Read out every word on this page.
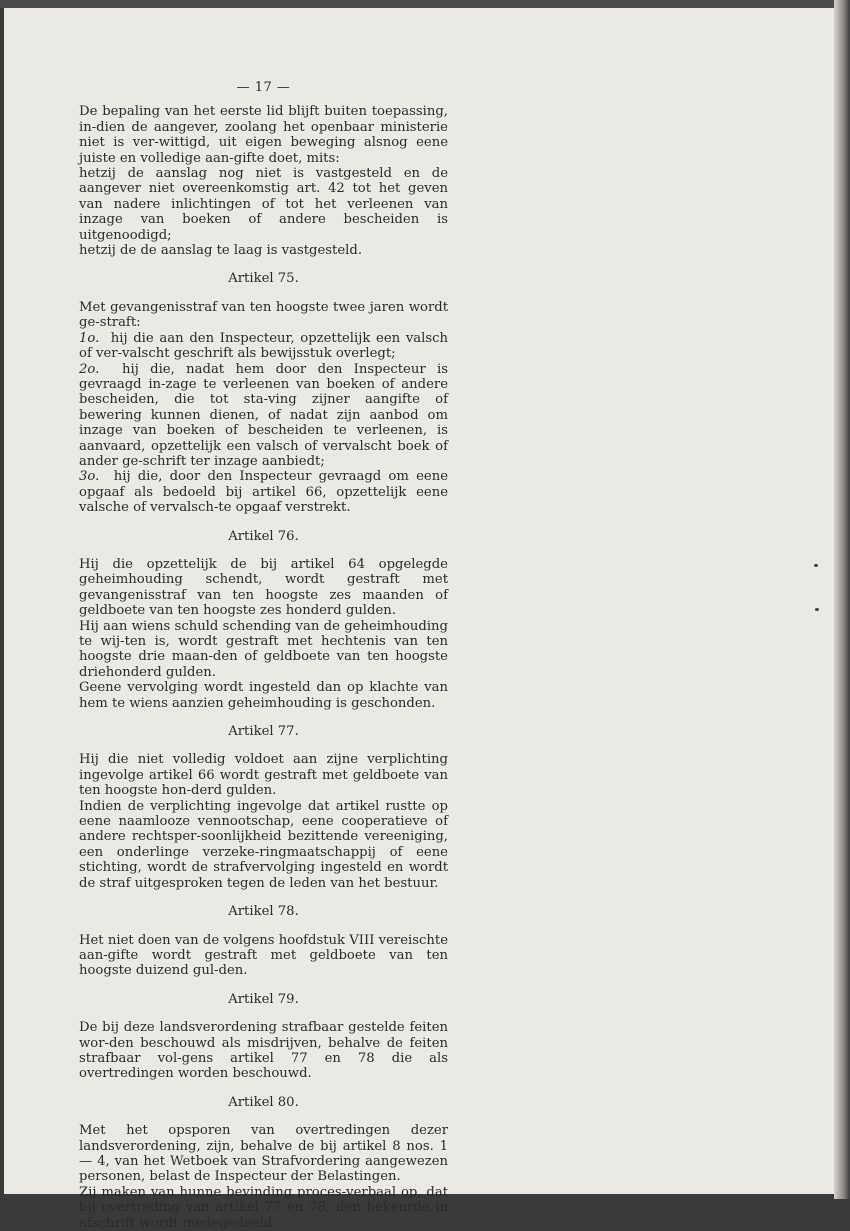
— 17 —

De bepaling van het eerste lid blijft buiten toepassing, in-dien de aangever, zoolang het openbaar ministerie niet is ver-wittigd, uit eigen beweging alsnog eene juiste en volledige aan-gifte doet, mits:

hetzij de aanslag nog niet is vastgesteld en de aangever niet overeenkomstig art. 42 tot het geven van nadere inlichtingen of tot het verleenen van inzage van boeken of andere bescheiden is uitgenoodigd;

hetzij de de aanslag te laag is vastgesteld.

Artikel 75.

Met gevangenisstraf van ten hoogste twee jaren wordt ge-straft:

1o. hij die aan den Inspecteur, opzettelijk een valsch of ver-valscht geschrift als bewijsstuk overlegt;

2o. hij die, nadat hem door den Inspecteur is gevraagd in-zage te verleenen van boeken of andere bescheiden, die tot sta-ving zijner aangifte of bewering kunnen dienen, of nadat zijn aanbod om inzage van boeken of bescheiden te verleenen, is aanvaard, opzettelijk een valsch of vervalscht boek of ander ge-schrift ter inzage aanbiedt;

3o. hij die, door den Inspecteur gevraagd om eene opgaaf als bedoeld bij artikel 66, opzettelijk eene valsche of vervalsch-te opgaaf verstrekt.

Artikel 76.

Hij die opzettelijk de bij artikel 64 opgelegde geheimhouding schendt, wordt gestraft met gevangenisstraf van ten hoogste zes maanden of geldboete van ten hoogste zes honderd gulden.

Hij aan wiens schuld schending van de geheimhouding te wij-ten is, wordt gestraft met hechtenis van ten hoogste drie maan-den of geldboete van ten hoogste driehonderd gulden.

Geene vervolging wordt ingesteld dan op klachte van hem te wiens aanzien geheimhouding is geschonden.

Artikel 77.

Hij die niet volledig voldoet aan zijne verplichting ingevolge artikel 66 wordt gestraft met geldboete van ten hoogste hon-derd gulden.

Indien de verplichting ingevolge dat artikel rustte op eene naamlooze vennootschap, eene cooperatieve of andere rechtsper-soonlijkheid bezittende vereeniging, een onderlinge verzeke-ringmaatschappij of eene stichting, wordt de strafvervolging ingesteld en wordt de straf uitgesproken tegen de leden van het bestuur.

Artikel 78.

Het niet doen van de volgens hoofdstuk VIII vereischte aan-gifte wordt gestraft met geldboete van ten hoogste duizend gul-den.

Artikel 79.

De bij deze landsverordening strafbaar gestelde feiten wor-den beschouwd als misdrijven, behalve de feiten strafbaar vol-gens artikel 77 en 78 die als overtredingen worden beschouwd.

Artikel 80.

Met het opsporen van overtredingen dezer landsverordening, zijn, behalve de bij artikel 8 nos. 1 — 4, van het Wetboek van Strafvordering aangewezen personen, belast de Inspecteur der Belastingen.

Zij maken van hunne bevinding proces-verbaal op, dat bij overtreding van artikel 77 en 78, den bekeurde in afschrift wordt medegedeeld.
